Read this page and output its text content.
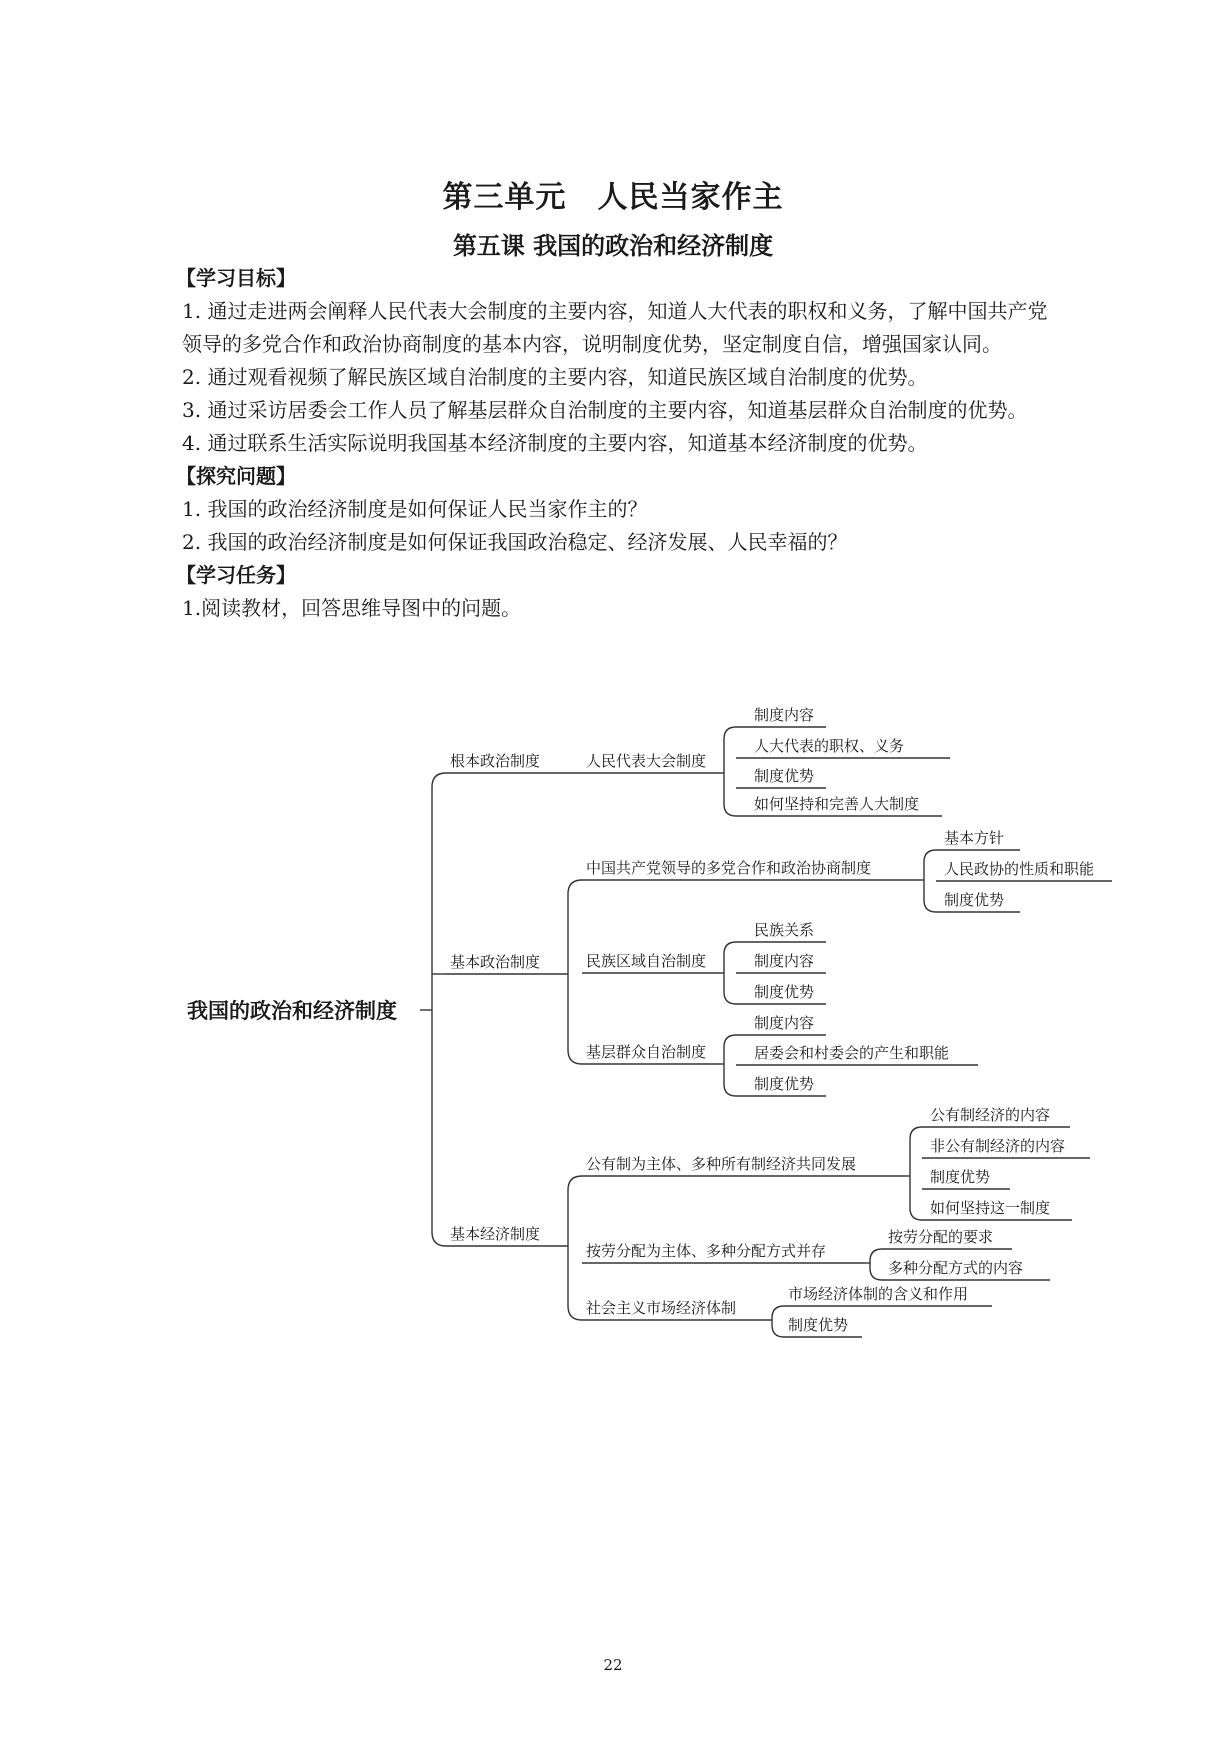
第三单元　人民当家作主
第五课 我国的政治和经济制度
【学习目标】

1. 通过走进两会阐释人民代表大会制度的主要内容，知道人大代表的职权和义务，了解中国共产党领导的多党合作和政治协商制度的基本内容，说明制度优势，坚定制度自信，增强国家认同。

2. 通过观看视频了解民族区域自治制度的主要内容，知道民族区域自治制度的优势。

3. 通过采访居委会工作人员了解基层群众自治制度的主要内容，知道基层群众自治制度的优势。

4. 通过联系生活实际说明我国基本经济制度的主要内容，知道基本经济制度的优势。

【探究问题】

1. 我国的政治经济制度是如何保证人民当家作主的？

2. 我国的政治经济制度是如何保证我国政治稳定、经济发展、人民幸福的？

【学习任务】

1.阅读教材，回答思维导图中的问题。

我国的政治和经济制度
根本政治制度
基本政治制度
基本经济制度
人民代表大会制度
中国共产党领导的多党合作和政治协商制度
民族区域自治制度
基层群众自治制度
公有制为主体、多种所有制经济共同发展
按劳分配为主体、多种分配方式并存
社会主义市场经济体制
制度内容
人大代表的职权、义务
制度优势
如何坚持和完善人大制度
基本方针
人民政协的性质和职能
制度优势
民族关系
制度内容
制度优势
制度内容
居委会和村委会的产生和职能
制度优势
公有制经济的内容
非公有制经济的内容
制度优势
如何坚持这一制度
按劳分配的要求
多种分配方式的内容
市场经济体制的含义和作用
制度优势
22
